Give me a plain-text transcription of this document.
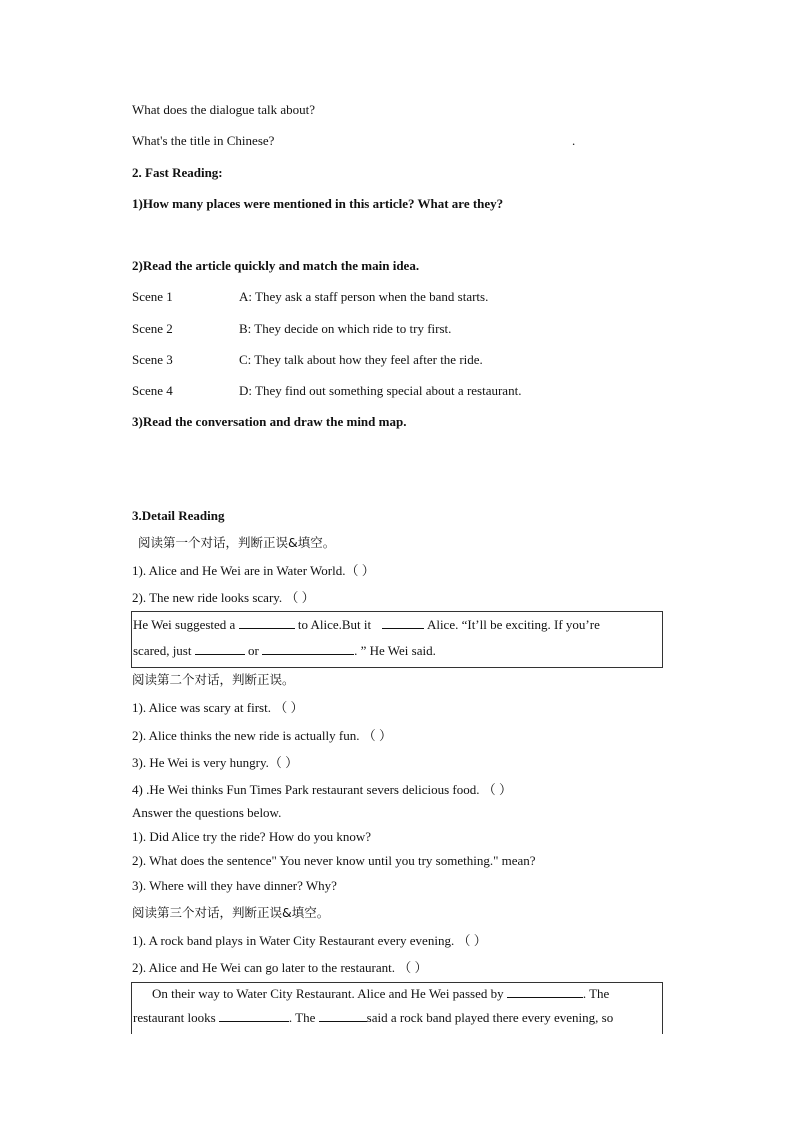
What does the dialogue talk about?
What's the title in Chinese?	.
2. Fast Reading:
1)How many places were mentioned in this article? What are they?
2)Read the article quickly and match the main idea.
Scene 1	A: They ask a staff person when the band starts.
Scene 2	B: They decide on which ride to try first.
Scene 3	C: They talk about how they feel after the ride.
Scene 4	D: They find out something special about a restaurant.
3)Read the conversation and draw the mind map.
3.Detail Reading
阅读第一个对话，判断正误&填空。
1). Alice and He Wei are in Water World.（ ）
2). The new ride looks scary. （ ）
He Wei suggested a	to Alice.But it	Alice. “It’ll be exciting. If you’re
scared, just	or	. ” He Wei said.
阅读第二个对话，判断正误。
1). Alice was scary at first. （ ）
2). Alice thinks the new ride is actually fun. （ ）
3). He Wei is very hungry.（ ）
4) .He Wei thinks Fun Times Park restaurant severs delicious food. （ ）
Answer the questions below.
1). Did Alice try the ride? How do you know?
2). What does the sentence" You never know until you try something." mean?
3). Where will they have dinner? Why?
阅读第三个对话，判断正误&填空。
1). A rock band plays in Water City Restaurant every evening. （ ）
2). Alice and He Wei can go later to the restaurant. （ ）
On their way to Water City Restaurant. Alice and He Wei passed by	. The
restaurant looks	. The	said a rock band played there every evening, so
